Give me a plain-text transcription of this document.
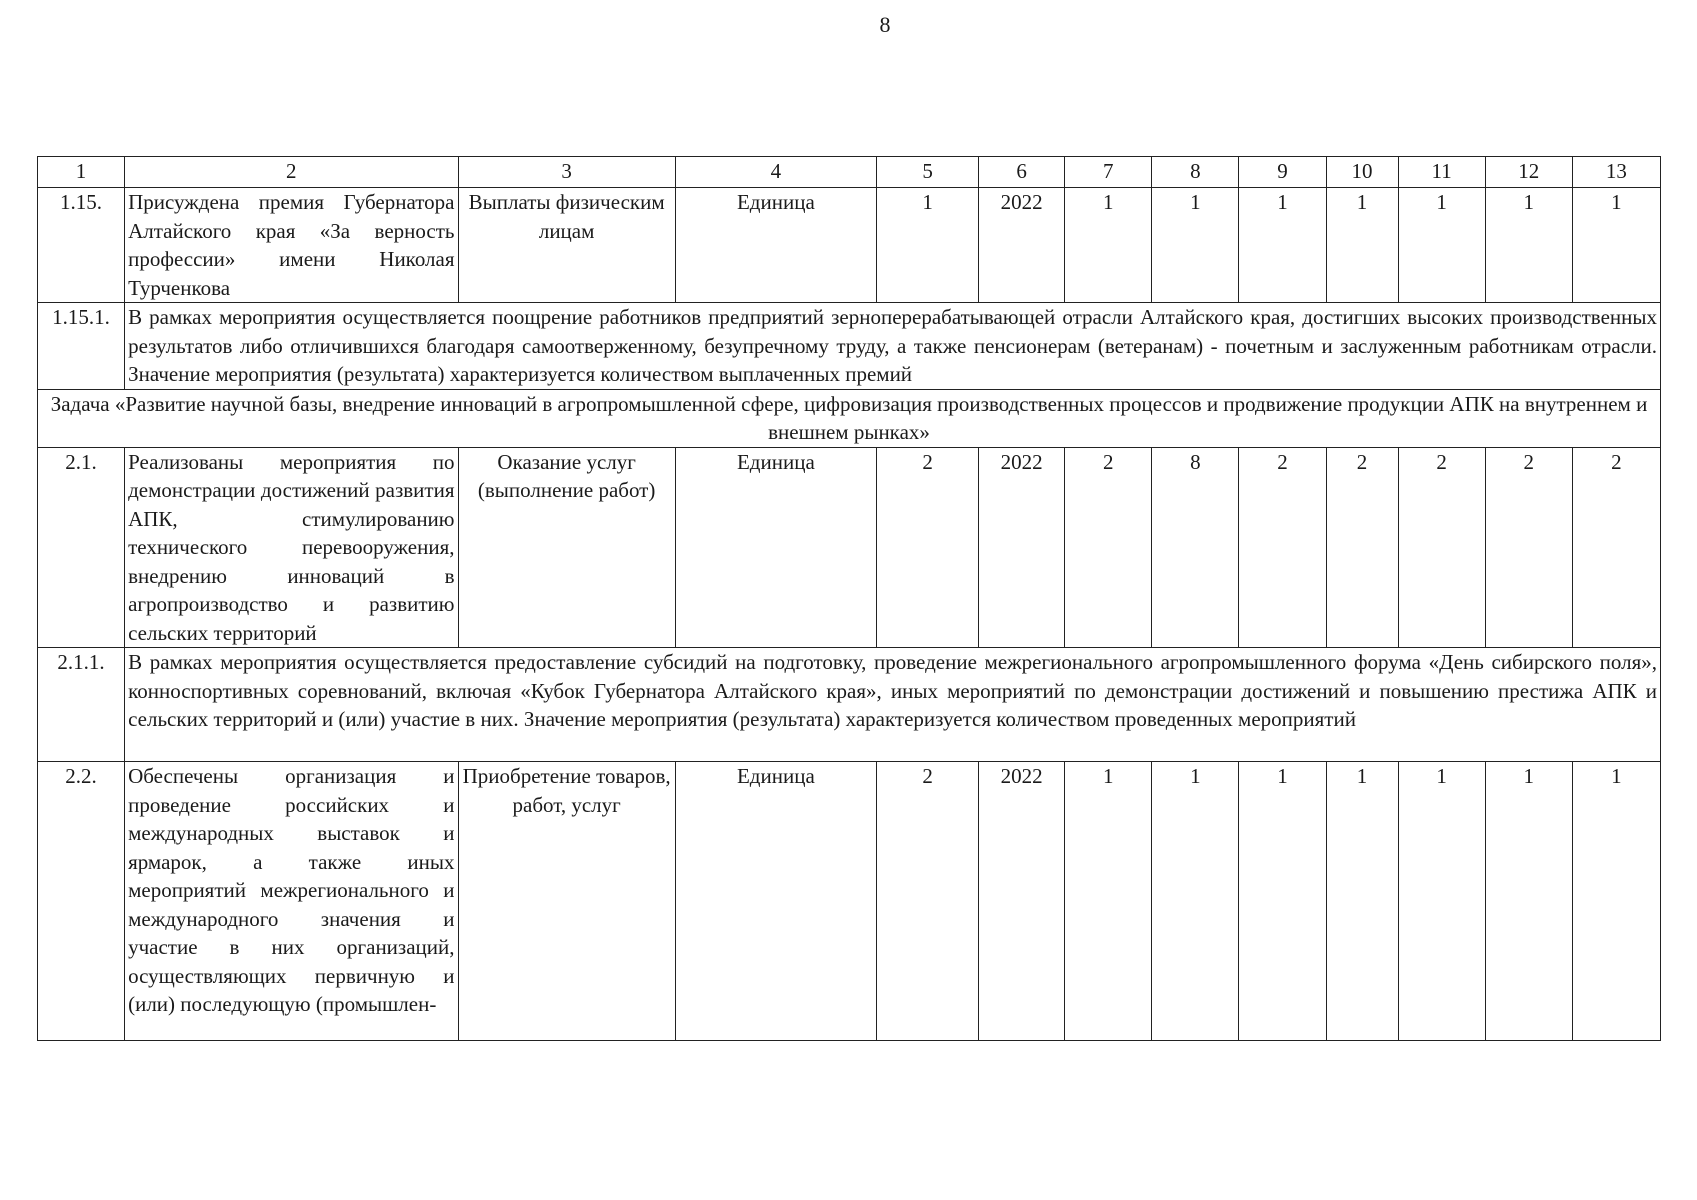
8
1	2	3	4	5	6	7	8	9	10	11	12	13
1.15.	Присуждена премия Губернатора Алтайского края «За верность профессии» имени Николая Турченкова	Выплаты физическим лицам	Единица	1	2022	1	1	1	1	1	1	1
1.15.1.	В рамках мероприятия осуществляется поощрение работников предприятий зерноперерабатывающей отрасли Алтайского края, достигших высоких производственных результатов либо отличившихся благодаря самоотверженному, безупречному труду, а также пенсионерам (ветеранам) - почетным и заслуженным работникам отрасли. Значение мероприятия (результата) характеризуется количеством выплаченных премий											
Задача «Развитие научной базы, внедрение инноваций в агропромышленной сфере, цифровизация производственных процессов и продвижение продукции АПК на внутреннем и внешнем рынках»												
2.1.	Реализованы мероприятия по демонстрации достижений развития АПК, стимулированию технического перевооружения, внедрению инноваций в агропроизводство и развитию сельских территорий	Оказание услуг (выполнение работ)	Единица	2	2022	2	8	2	2	2	2	2
2.1.1.	В рамках мероприятия осуществляется предоставление субсидий на подготовку, проведение межрегионального агропромышленного форума «День сибирского поля», конноспортивных соревнований, включая «Кубок Губернатора Алтайского края», иных мероприятий по демонстрации достижений и повышению престижа АПК и сельских территорий и (или) участие в них. Значение мероприятия (результата) характеризуется количеством проведенных мероприятий											
2.2.	Обеспечены организация и проведение российских и международных выставок и ярмарок, а также иных мероприятий межрегионального и международного значения и участие в них организаций, осуществляющих первичную и (или) последующую (промышлен-	Приобретение товаров, работ, услуг	Единица	2	2022	1	1	1	1	1	1	1
